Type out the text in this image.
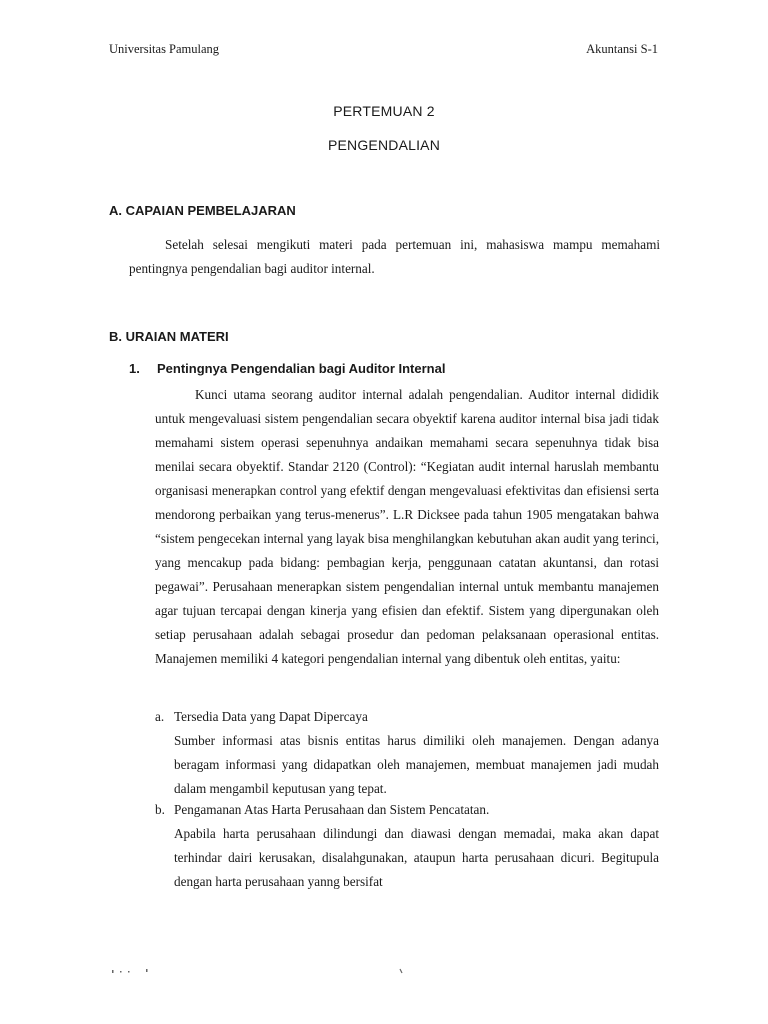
Universitas Pamulang	Akuntansi S-1
PERTEMUAN 2
PENGENDALIAN
A. CAPAIAN PEMBELAJARAN

Setelah selesai mengikuti materi pada pertemuan ini, mahasiswa mampu memahami pentingnya pengendalian bagi auditor internal.

B. URAIAN MATERI
1. Pentingnya Pengendalian bagi Auditor Internal

Kunci utama seorang auditor internal adalah pengendalian. Auditor internal dididik untuk mengevaluasi sistem pengendalian secara obyektif karena auditor internal bisa jadi tidak memahami sistem operasi sepenuhnya andaikan memahami secara sepenuhnya tidak bisa menilai secara obyektif. Standar 2120 (Control): “Kegiatan audit internal haruslah membantu organisasi menerapkan control yang efektif dengan mengevaluasi efektivitas dan efisiensi serta mendorong perbaikan yang terus-menerus”. L.R Dicksee pada tahun 1905 mengatakan bahwa “sistem pengecekan internal yang layak bisa menghilangkan kebutuhan akan audit yang terinci, yang mencakup pada bidang: pembagian kerja, penggunaan catatan akuntansi, dan rotasi pegawai”. Perusahaan menerapkan sistem pengendalian internal untuk membantu manajemen agar tujuan tercapai dengan kinerja yang efisien dan efektif. Sistem yang dipergunakan oleh setiap perusahaan adalah sebagai prosedur dan pedoman pelaksanaan operasional entitas. Manajemen memiliki 4 kategori pengendalian internal yang dibentuk oleh entitas, yaitu:

a. Tersedia Data yang Dapat Dipercaya

Sumber informasi atas bisnis entitas harus dimiliki oleh manajemen. Dengan adanya beragam informasi yang didapatkan oleh manajemen, membuat manajemen jadi mudah dalam mengambil keputusan yang tepat.

b. Pengamanan Atas Harta Perusahaan dan Sistem Pencatatan.

Apabila harta perusahaan dilindungi dan diawasi dengan memadai, maka akan dapat terhindar dairi kerusakan, disalahgunakan, ataupun harta perusahaan dicuri. Begitupula dengan harta perusahaan yanng bersifat
